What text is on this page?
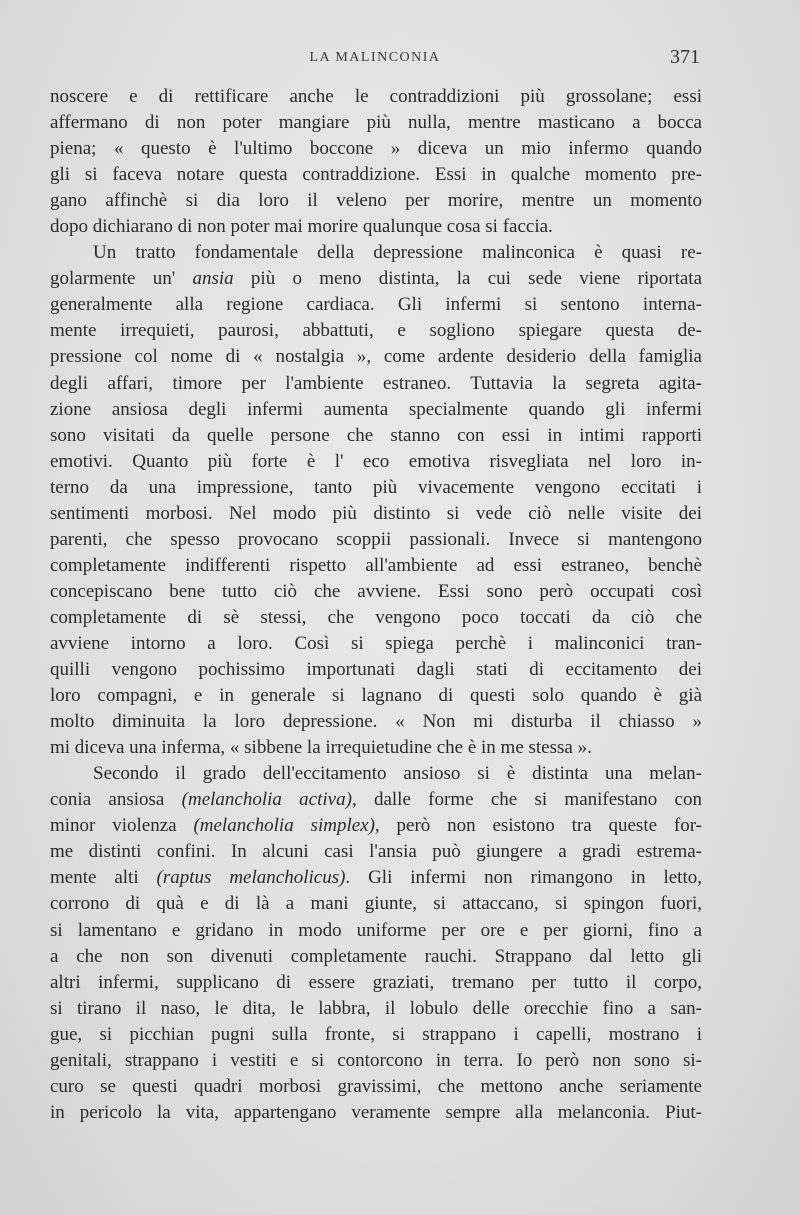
LA MALINCONIA	371
noscere e di rettificare anche le contraddizioni più grossolane; essi
affermano di non poter mangiare più nulla, mentre masticano a bocca
piena; « questo è l'ultimo boccone » diceva un mio infermo quando
gli si faceva notare questa contraddizione. Essi in qualche momento pre-
gano affinchè si dia loro il veleno per morire, mentre un momento
dopo dichiarano di non poter mai morire qualunque cosa si faccia.
Un tratto fondamentale della depressione malinconica è quasi re-
golarmente un' ansia più o meno distinta, la cui sede viene riportata
generalmente alla regione cardiaca. Gli infermi si sentono interna-
mente irrequieti, paurosi, abbattuti, e sogliono spiegare questa de-
pressione col nome di « nostalgia », come ardente desiderio della famiglia
degli affari, timore per l'ambiente estraneo. Tuttavia la segreta agita-
zione ansiosa degli infermi aumenta specialmente quando gli infermi
sono visitati da quelle persone che stanno con essi in intimi rapporti
emotivi. Quanto più forte è l' eco emotiva risvegliata nel loro in-
terno da una impressione, tanto più vivacemente vengono eccitati i
sentimenti morbosi. Nel modo più distinto si vede ciò nelle visite dei
parenti, che spesso provocano scoppii passionali. Invece si mantengono
completamente indifferenti rispetto all'ambiente ad essi estraneo, benchè
concepiscano bene tutto ciò che avviene. Essi sono però occupati così
completamente di sè stessi, che vengono poco toccati da ciò che
avviene intorno a loro. Così si spiega perchè i malinconici tran-
quilli vengono pochissimo importunati dagli stati di eccitamento dei
loro compagni, e in generale si lagnano di questi solo quando è già
molto diminuita la loro depressione. « Non mi disturba il chiasso »
mi diceva una inferma, « sibbene la irrequietudine che è in me stessa ».
Secondo il grado dell'eccitamento ansioso si è distinta una melan-
conia ansiosa (melancholia activa), dalle forme che si manifestano con
minor violenza (melancholia simplex), però non esistono tra queste for-
me distinti confini. In alcuni casi l'ansia può giungere a gradi estrema-
mente alti (raptus melancholicus). Gli infermi non rimangono in letto,
corrono di quà e di là a mani giunte, si attaccano, si spingon fuori,
si lamentano e gridano in modo uniforme per ore e per giorni, fino a
a che non son divenuti completamente rauchi. Strappano dal letto gli
altri infermi, supplicano di essere graziati, tremano per tutto il corpo,
si tirano il naso, le dita, le labbra, il lobulo delle orecchie fino a san-
gue, si picchian pugni sulla fronte, si strappano i capelli, mostrano i
genitali, strappano i vestiti e si contorcono in terra. Io però non sono si-
curo se questi quadri morbosi gravissimi, che mettono anche seriamente
in pericolo la vita, appartengano veramente sempre alla melanconia. Piut-
